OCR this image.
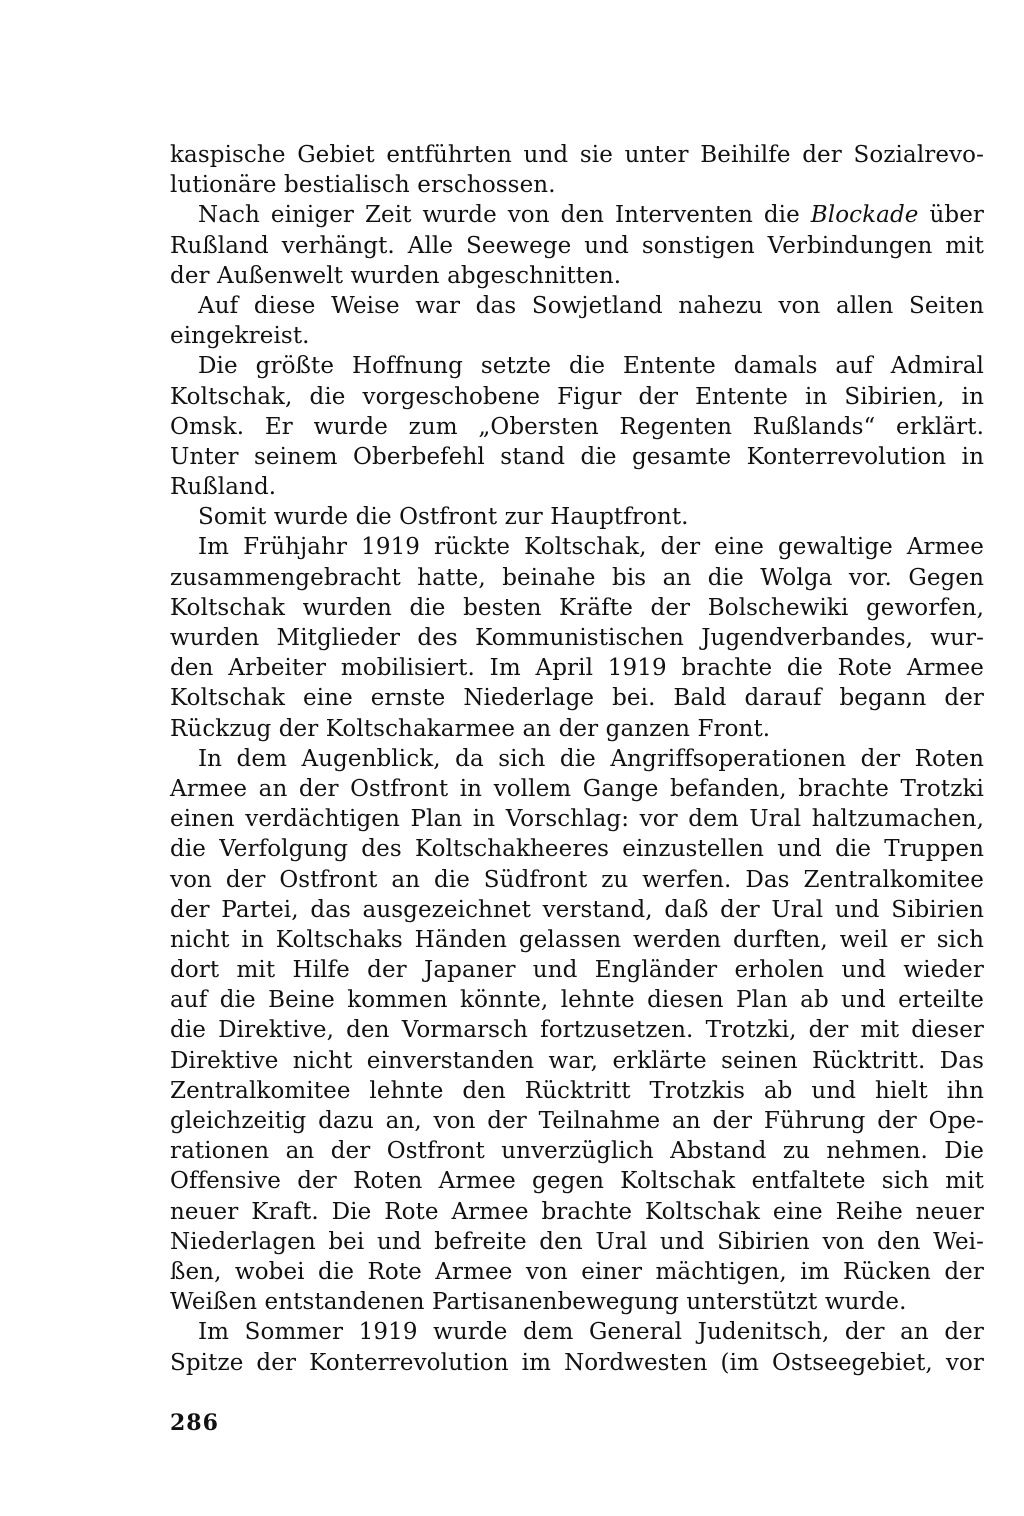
kaspische Gebiet entführten und sie unter Beihilfe der Sozialrevo-
lutionäre bestialisch erschossen.
Nach einiger Zeit wurde von den Interventen die Blockade über
Rußland verhängt. Alle Seewege und sonstigen Verbindungen mit
der Außenwelt wurden abgeschnitten.
Auf diese Weise war das Sowjetland nahezu von allen Seiten
eingekreist.
Die größte Hoffnung setzte die Entente damals auf Admiral
Koltschak, die vorgeschobene Figur der Entente in Sibirien, in
Omsk. Er wurde zum „Obersten Regenten Rußlands“ erklärt.
Unter seinem Oberbefehl stand die gesamte Konterrevolution in
Rußland.
Somit wurde die Ostfront zur Hauptfront.
Im Frühjahr 1919 rückte Koltschak, der eine gewaltige Armee
zusammengebracht hatte, beinahe bis an die Wolga vor. Gegen
Koltschak wurden die besten Kräfte der Bolschewiki geworfen,
wurden Mitglieder des Kommunistischen Jugendverbandes, wur-
den Arbeiter mobilisiert. Im April 1919 brachte die Rote Armee
Koltschak eine ernste Niederlage bei. Bald darauf begann der
Rückzug der Koltschakarmee an der ganzen Front.
In dem Augenblick, da sich die Angriffsoperationen der Roten
Armee an der Ostfront in vollem Gange befanden, brachte Trotzki
einen verdächtigen Plan in Vorschlag: vor dem Ural haltzumachen,
die Verfolgung des Koltschakheeres einzustellen und die Truppen
von der Ostfront an die Südfront zu werfen. Das Zentralkomitee
der Partei, das ausgezeichnet verstand, daß der Ural und Sibirien
nicht in Koltschaks Händen gelassen werden durften, weil er sich
dort mit Hilfe der Japaner und Engländer erholen und wieder
auf die Beine kommen könnte, lehnte diesen Plan ab und erteilte
die Direktive, den Vormarsch fortzusetzen. Trotzki, der mit dieser
Direktive nicht einverstanden war, erklärte seinen Rücktritt. Das
Zentralkomitee lehnte den Rücktritt Trotzkis ab und hielt ihn
gleichzeitig dazu an, von der Teilnahme an der Führung der Ope-
rationen an der Ostfront unverzüglich Abstand zu nehmen. Die
Offensive der Roten Armee gegen Koltschak entfaltete sich mit
neuer Kraft. Die Rote Armee brachte Koltschak eine Reihe neuer
Niederlagen bei und befreite den Ural und Sibirien von den Wei-
ßen, wobei die Rote Armee von einer mächtigen, im Rücken der
Weißen entstandenen Partisanenbewegung unterstützt wurde.
Im Sommer 1919 wurde dem General Judenitsch, der an der
Spitze der Konterrevolution im Nordwesten (im Ostseegebiet, vor
286
